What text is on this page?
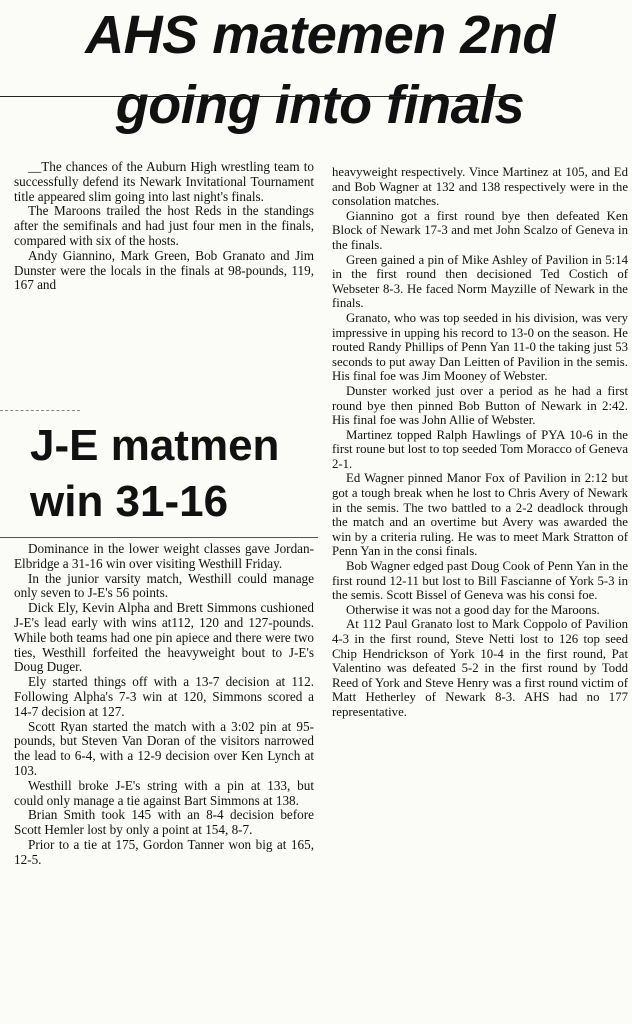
AHS matemen 2nd
going into finals

__The chances of the Auburn High wrestling team to successfully defend its Newark Invitational Tournament title appeared slim going into last night's finals.

The Maroons trailed the host Reds in the standings after the semifinals and had just four men in the finals, compared with six of the hosts.

Andy Giannino, Mark Green, Bob Granato and Jim Dunster were the locals in the finals at 98-pounds, 119, 167 and

J-E matmen
win 31-16

Dominance in the lower weight classes gave Jordan-Elbridge a 31-16 win over visiting Westhill Friday.

In the junior varsity match, Westhill could manage only seven to J-E's 56 points.

Dick Ely, Kevin Alpha and Brett Simmons cushioned J-E's lead early with wins at112, 120 and 127-pounds. While both teams had one pin apiece and there were two ties, Westhill forfeited the heavyweight bout to J-E's Doug Duger.

Ely started things off with a 13-7 decision at 112. Following Alpha's 7-3 win at 120, Simmons scored a 14-7 decision at 127.

Scott Ryan started the match with a 3:02 pin at 95-pounds, but Steven Van Doran of the visitors narrowed the lead to 6-4, with a 12-9 decision over Ken Lynch at 103.

Westhill broke J-E's string with a pin at 133, but could only manage a tie against Bart Simmons at 138.

Brian Smith took 145 with an 8-4 decision before Scott Hemler lost by only a point at 154, 8-7.

Prior to a tie at 175, Gordon Tanner won big at 165, 12-5.

heavyweight respectively. Vince Martinez at 105, and Ed and Bob Wagner at 132 and 138 respectively were in the consolation matches.

Giannino got a first round bye then defeated Ken Block of Newark 17-3 and met John Scalzo of Geneva in the finals.

Green gained a pin of Mike Ashley of Pavilion in 5:14 in the first round then decisioned Ted Costich of Webseter 8-3. He faced Norm Mayzille of Newark in the finals.

Granato, who was top seeded in his division, was very impressive in upping his record to 13-0 on the season. He routed Randy Phillips of Penn Yan 11-0 the taking just 53 seconds to put away Dan Leitten of Pavilion in the semis. His final foe was Jim Mooney of Webster.

Dunster worked just over a period as he had a first round bye then pinned Bob Button of Newark in 2:42. His final foe was John Allie of Webster.

Martinez topped Ralph Hawlings of PYA 10-6 in the first roune but lost to top seeded Tom Moracco of Geneva 2-1.

Ed Wagner pinned Manor Fox of Pavilion in 2:12 but got a tough break when he lost to Chris Avery of Newark in the semis. The two battled to a 2-2 deadlock through the match and an overtime but Avery was awarded the win by a criteria ruling. He was to meet Mark Stratton of Penn Yan in the consi finals.

Bob Wagner edged past Doug Cook of Penn Yan in the first round 12-11 but lost to Bill Fascianne of York 5-3 in the semis. Scott Bissel of Geneva was his consi foe.

Otherwise it was not a good day for the Maroons.

At 112 Paul Granato lost to Mark Coppolo of Pavilion 4-3 in the first round, Steve Netti lost to 126 top seed Chip Hendrickson of York 10-4 in the first round, Pat Valentino was defeated 5-2 in the first round by Todd Reed of York and Steve Henry was a first round victim of Matt Hetherley of Newark 8-3. AHS had no 177 representative.
